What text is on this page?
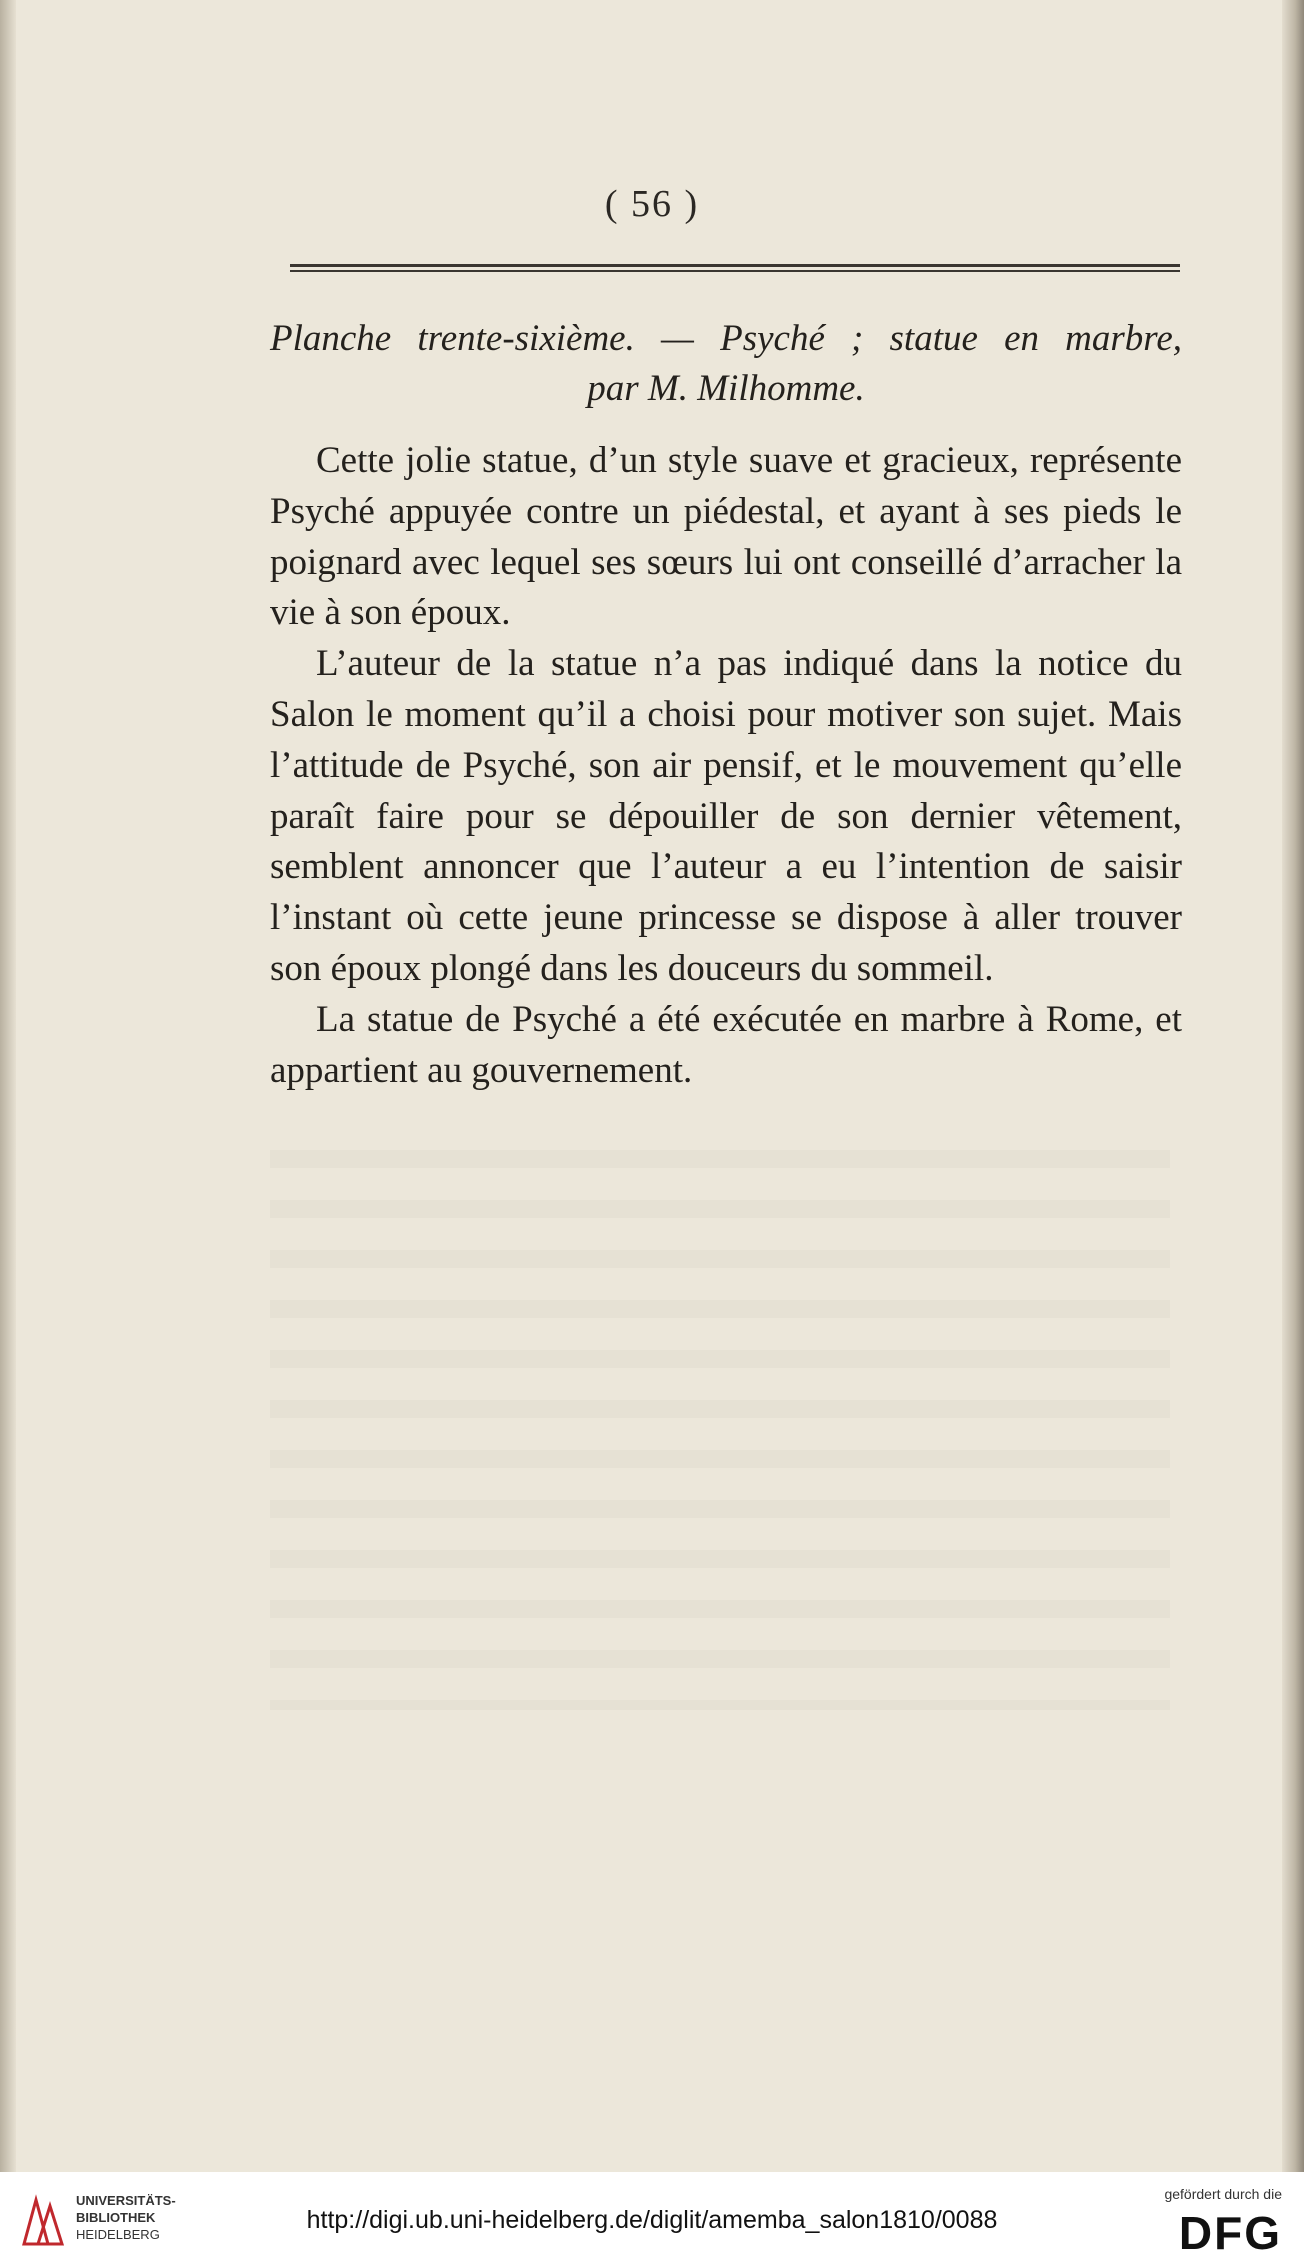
( 56 )
Planche trente-sixième. — Psyché ; statue en marbre,
par M. Milhomme.

Cette jolie statue, d’un style suave et gracieux, représente Psyché appuyée contre un piédestal, et ayant à ses pieds le poignard avec lequel ses sœurs lui ont conseillé d’arracher la vie à son époux.

L’auteur de la statue n’a pas indiqué dans la notice du Salon le moment qu’il a choisi pour motiver son sujet. Mais l’attitude de Psyché, son air pensif, et le mouvement qu’elle paraît faire pour se dépouiller de son dernier vêtement, semblent annoncer que l’auteur a eu l’intention de saisir l’instant où cette jeune princesse se dispose à aller trouver son époux plongé dans les douceurs du sommeil.

La statue de Psyché a été exécutée en marbre à Rome, et appartient au gouvernement.

UNIVERSITÄTS-
BIBLIOTHEK
HEIDELBERG
http://digi.ub.uni-heidelberg.de/diglit/amemba_salon1810/0088
gefördert durch die
DFG
